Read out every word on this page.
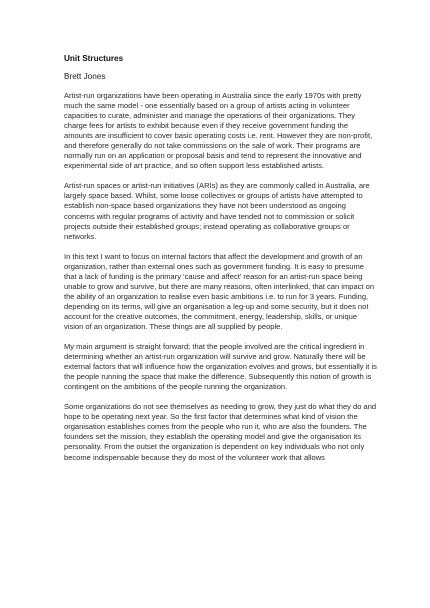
Unit Structures
Brett Jones

Artist-run organizations have been operating in Australia since the early 1970s with pretty much the same model - one essentially based on a group of artists acting in volunteer capacities to curate, administer and manage the operations of their organizations. They charge fees for artists to exhibit because even if they receive government funding the amounts are insufficient to cover basic operating costs i.e. rent. However they are non-profit, and therefore generally do not take commissions on the sale of work. Their programs are normally run on an application or proposal basis and tend to represent the innovative and experimental side of art practice, and so often support less established artists.

Artist-run spaces or artist-run initiatives (ARIs) as they are commonly called in Australia, are largely space based. Whilst, some loose collectives or groups of artists have attempted to establish non-space based organizations they have not been understood as ongoing concerns with regular programs of activity and have tended not to commission or solicit projects outside their established groups; instead operating as collaborative groups or networks.

In this text I want to focus on internal factors that affect the development and growth of an organization, rather than external ones such as government funding. It is easy to presume that a lack of funding is the primary 'cause and affect' reason for an artist-run space being unable to grow and survive, but there are many reasons, often interlinked, that can impact on the ability of an organization to realise even basic ambitions i.e. to run for 3 years. Funding, depending on its terms, will give an organisation a leg-up and some security, but it does not account for the creative outcomes, the commitment, energy, leadership, skills, or unique vision of an organization. These things are all supplied by people.

My main argument is straight forward; that the people involved are the critical ingredient in determining whether an artist-run organization will survive and grow. Naturally there will be external factors that will influence how the organization evolves and grows, but essentially it is the people running the space that make the difference. Subsequently this notion of growth is contingent on the ambitions of the people running the organization.

Some organizations do not see themselves as needing to grow, they just do what they do and hope to be operating next year. So the first factor that determines what kind of vision the organisation establishes comes from the people who run it, who are also the founders. The founders set the mission, they establish the operating model and give the organisation its personality. From the outset the organization is dependent on key individuals who not only become indispensable because they do most of the volunteer work that allows
